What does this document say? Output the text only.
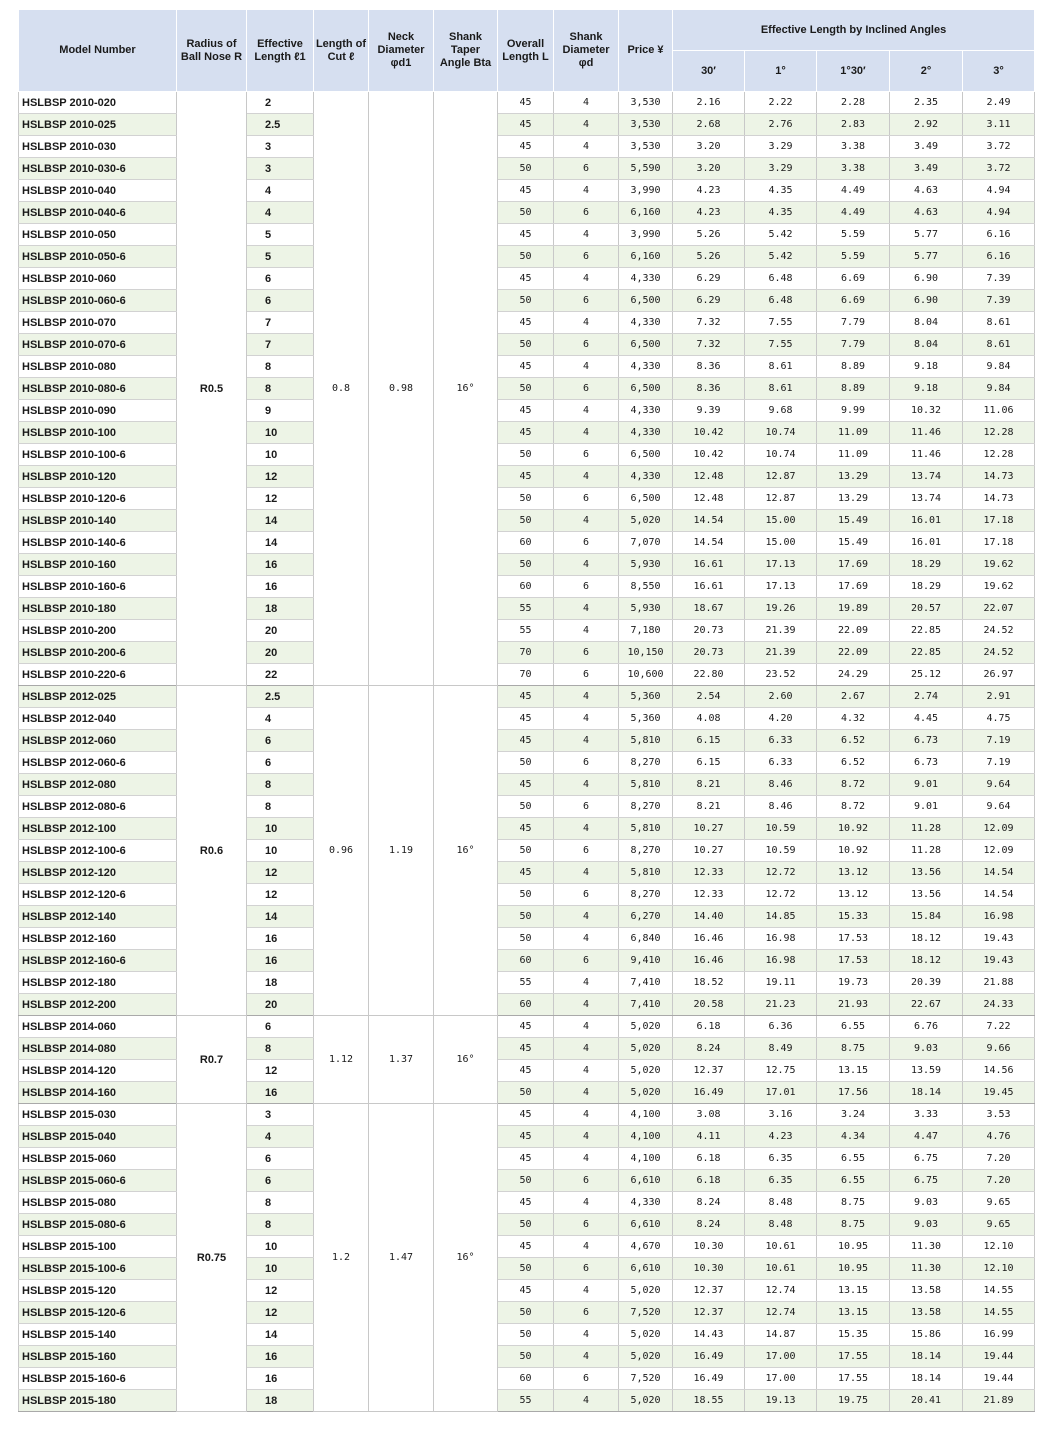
Model Number	Radius of Ball Nose R	Effective Length ℓ1	Length of Cut ℓ	Neck Diameter φd1	Shank Taper Angle Bta	Overall Length L	Shank Diameter φd	Price ¥	Effective Length by Inclined Angles				
									30′	1°	1°30′	2°	3°
HSLBSP 2010-020	R0.5	2	0.8	0.98	16°	45	4	3,530	2.16	2.22	2.28	2.35	2.49
HSLBSP 2010-025		2.5				45	4	3,530	2.68	2.76	2.83	2.92	3.11
HSLBSP 2010-030		3				45	4	3,530	3.20	3.29	3.38	3.49	3.72
HSLBSP 2010-030-6		3				50	6	5,590	3.20	3.29	3.38	3.49	3.72
HSLBSP 2010-040		4				45	4	3,990	4.23	4.35	4.49	4.63	4.94
HSLBSP 2010-040-6		4				50	6	6,160	4.23	4.35	4.49	4.63	4.94
HSLBSP 2010-050		5				45	4	3,990	5.26	5.42	5.59	5.77	6.16
HSLBSP 2010-050-6		5				50	6	6,160	5.26	5.42	5.59	5.77	6.16
HSLBSP 2010-060		6				45	4	4,330	6.29	6.48	6.69	6.90	7.39
HSLBSP 2010-060-6		6				50	6	6,500	6.29	6.48	6.69	6.90	7.39
HSLBSP 2010-070		7				45	4	4,330	7.32	7.55	7.79	8.04	8.61
HSLBSP 2010-070-6		7				50	6	6,500	7.32	7.55	7.79	8.04	8.61
HSLBSP 2010-080		8				45	4	4,330	8.36	8.61	8.89	9.18	9.84
HSLBSP 2010-080-6		8				50	6	6,500	8.36	8.61	8.89	9.18	9.84
HSLBSP 2010-090		9				45	4	4,330	9.39	9.68	9.99	10.32	11.06
HSLBSP 2010-100		10				45	4	4,330	10.42	10.74	11.09	11.46	12.28
HSLBSP 2010-100-6		10				50	6	6,500	10.42	10.74	11.09	11.46	12.28
HSLBSP 2010-120		12				45	4	4,330	12.48	12.87	13.29	13.74	14.73
HSLBSP 2010-120-6		12				50	6	6,500	12.48	12.87	13.29	13.74	14.73
HSLBSP 2010-140		14				50	4	5,020	14.54	15.00	15.49	16.01	17.18
HSLBSP 2010-140-6		14				60	6	7,070	14.54	15.00	15.49	16.01	17.18
HSLBSP 2010-160		16				50	4	5,930	16.61	17.13	17.69	18.29	19.62
HSLBSP 2010-160-6		16				60	6	8,550	16.61	17.13	17.69	18.29	19.62
HSLBSP 2010-180		18				55	4	5,930	18.67	19.26	19.89	20.57	22.07
HSLBSP 2010-200		20				55	4	7,180	20.73	21.39	22.09	22.85	24.52
HSLBSP 2010-200-6		20				70	6	10,150	20.73	21.39	22.09	22.85	24.52
HSLBSP 2010-220-6		22				70	6	10,600	22.80	23.52	24.29	25.12	26.97
HSLBSP 2012-025	R0.6	2.5	0.96	1.19	16°	45	4	5,360	2.54	2.60	2.67	2.74	2.91
HSLBSP 2012-040		4				45	4	5,360	4.08	4.20	4.32	4.45	4.75
HSLBSP 2012-060		6				45	4	5,810	6.15	6.33	6.52	6.73	7.19
HSLBSP 2012-060-6		6				50	6	8,270	6.15	6.33	6.52	6.73	7.19
HSLBSP 2012-080		8				45	4	5,810	8.21	8.46	8.72	9.01	9.64
HSLBSP 2012-080-6		8				50	6	8,270	8.21	8.46	8.72	9.01	9.64
HSLBSP 2012-100		10				45	4	5,810	10.27	10.59	10.92	11.28	12.09
HSLBSP 2012-100-6		10				50	6	8,270	10.27	10.59	10.92	11.28	12.09
HSLBSP 2012-120		12				45	4	5,810	12.33	12.72	13.12	13.56	14.54
HSLBSP 2012-120-6		12				50	6	8,270	12.33	12.72	13.12	13.56	14.54
HSLBSP 2012-140		14				50	4	6,270	14.40	14.85	15.33	15.84	16.98
HSLBSP 2012-160		16				50	4	6,840	16.46	16.98	17.53	18.12	19.43
HSLBSP 2012-160-6		16				60	6	9,410	16.46	16.98	17.53	18.12	19.43
HSLBSP 2012-180		18				55	4	7,410	18.52	19.11	19.73	20.39	21.88
HSLBSP 2012-200		20				60	4	7,410	20.58	21.23	21.93	22.67	24.33
HSLBSP 2014-060	R0.7	6	1.12	1.37	16°	45	4	5,020	6.18	6.36	6.55	6.76	7.22
HSLBSP 2014-080		8				45	4	5,020	8.24	8.49	8.75	9.03	9.66
HSLBSP 2014-120		12				45	4	5,020	12.37	12.75	13.15	13.59	14.56
HSLBSP 2014-160		16				50	4	5,020	16.49	17.01	17.56	18.14	19.45
HSLBSP 2015-030	R0.75	3	1.2	1.47	16°	45	4	4,100	3.08	3.16	3.24	3.33	3.53
HSLBSP 2015-040		4				45	4	4,100	4.11	4.23	4.34	4.47	4.76
HSLBSP 2015-060		6				45	4	4,100	6.18	6.35	6.55	6.75	7.20
HSLBSP 2015-060-6		6				50	6	6,610	6.18	6.35	6.55	6.75	7.20
HSLBSP 2015-080		8				45	4	4,330	8.24	8.48	8.75	9.03	9.65
HSLBSP 2015-080-6		8				50	6	6,610	8.24	8.48	8.75	9.03	9.65
HSLBSP 2015-100		10				45	4	4,670	10.30	10.61	10.95	11.30	12.10
HSLBSP 2015-100-6		10				50	6	6,610	10.30	10.61	10.95	11.30	12.10
HSLBSP 2015-120		12				45	4	5,020	12.37	12.74	13.15	13.58	14.55
HSLBSP 2015-120-6		12				50	6	7,520	12.37	12.74	13.15	13.58	14.55
HSLBSP 2015-140		14				50	4	5,020	14.43	14.87	15.35	15.86	16.99
HSLBSP 2015-160		16				50	4	5,020	16.49	17.00	17.55	18.14	19.44
HSLBSP 2015-160-6		16				60	6	7,520	16.49	17.00	17.55	18.14	19.44
HSLBSP 2015-180		18				55	4	5,020	18.55	19.13	19.75	20.41	21.89
